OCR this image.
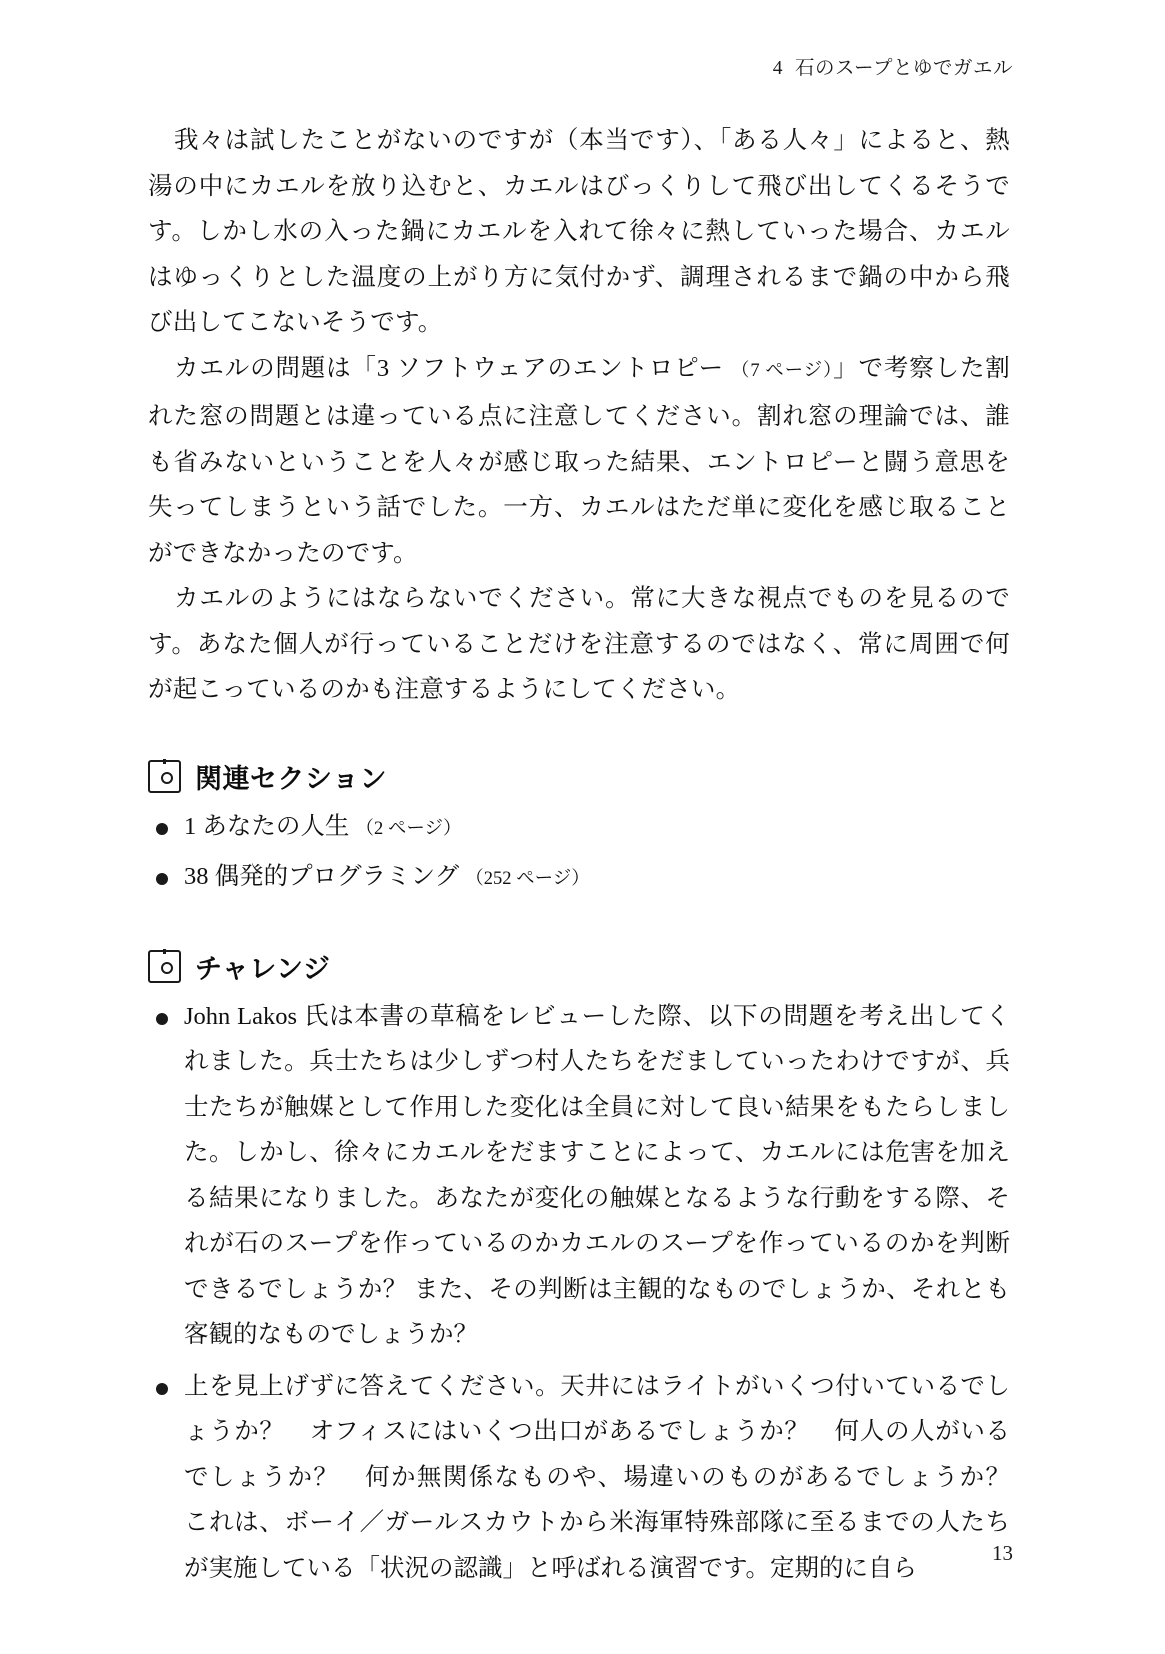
4 石のスープとゆでガエル

我々は試したことがないのですが（本当です）、「ある人々」によると、熱湯の中にカエルを放り込むと、カエルはびっくりして飛び出してくるそうです。しかし水の入った鍋にカエルを入れて徐々に熱していった場合、カエルはゆっくりとした温度の上がり方に気付かず、調理されるまで鍋の中から飛び出してこないそうです。

カエルの問題は「3 ソフトウェアのエントロピー （7 ページ）」で考察した割れた窓の問題とは違っている点に注意してください。割れ窓の理論では、誰も省みないということを人々が感じ取った結果、エントロピーと闘う意思を失ってしまうという話でした。一方、カエルはただ単に変化を感じ取ることができなかったのです。

カエルのようにはならないでください。常に大きな視点でものを見るのです。あなた個人が行っていることだけを注意するのではなく、常に周囲で何が起こっているのかも注意するようにしてください。

関連セクション
1 あなたの人生 （2 ページ）
38 偶発的プログラミング （252 ページ）
チャレンジ
John Lakos 氏は本書の草稿をレビューした際、以下の問題を考え出してくれました。兵士たちは少しずつ村人たちをだましていったわけですが、兵士たちが触媒として作用した変化は全員に対して良い結果をもたらしました。しかし、徐々にカエルをだますことによって、カエルには危害を加える結果になりました。あなたが変化の触媒となるような行動をする際、それが石のスープを作っているのかカエルのスープを作っているのかを判断できるでしょうか？ また、その判断は主観的なものでしょうか、それとも客観的なものでしょうか？
上を見上げずに答えてください。天井にはライトがいくつ付いているでしょうか？　オフィスにはいくつ出口があるでしょうか？　何人の人がいるでしょうか？　何か無関係なものや、場違いのものがあるでしょうか？　これは、ボーイ／ガールスカウトから米海軍特殊部隊に至るまでの人たちが実施している「状況の認識」と呼ばれる演習です。定期的に自ら
13
